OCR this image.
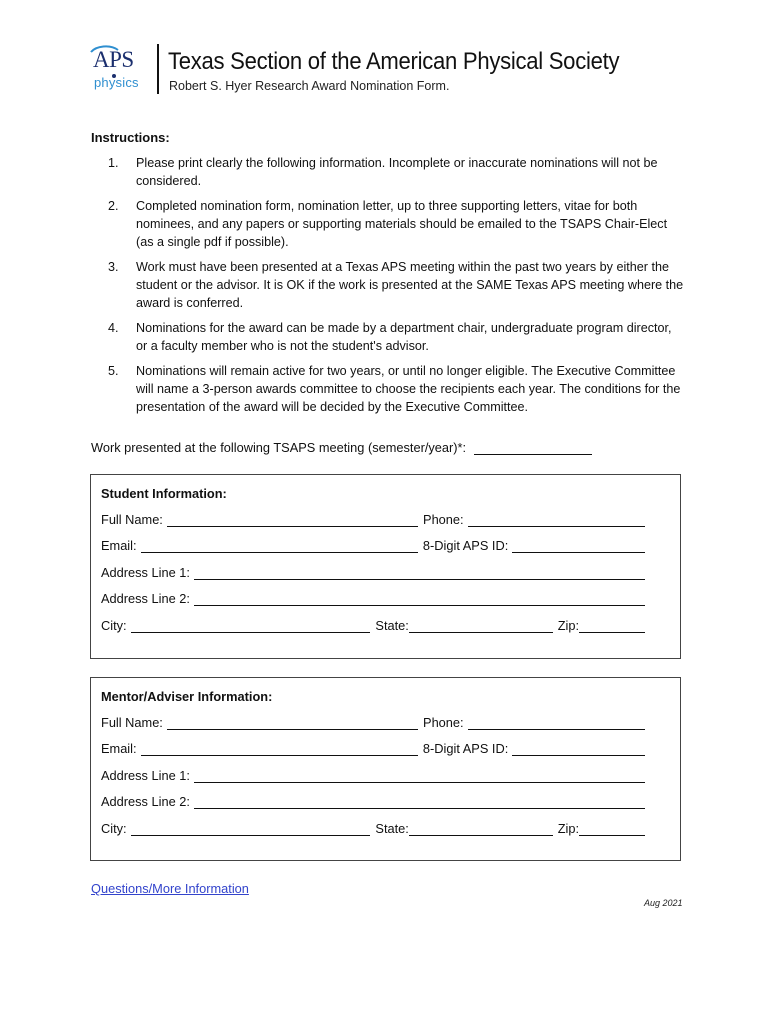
APS
physics
Texas Section of the American Physical Society
Robert S. Hyer Research Award Nomination Form.
Instructions:
1.	Please print clearly the following information. Incomplete or inaccurate nominations will not be considered.
2.	Completed nomination form, nomination letter, up to three supporting letters, vitae for both nominees, and any papers or supporting materials should be emailed to the TSAPS Chair-Elect (as a single pdf if possible).
3.	Work must have been presented at a Texas APS meeting within the past two years by either the student or the advisor. It is OK if the work is presented at the SAME Texas APS meeting where the award is conferred.
4.	Nominations for the award can be made by a department chair, undergraduate program director, or a faculty member who is not the student's advisor.
5.	Nominations will remain active for two years, or until no longer eligible. The Executive Committee will name a 3-person awards committee to choose the recipients each year. The conditions for the presentation of the award will be decided by the Executive Committee.
Work presented at the following TSAPS meeting (semester/year)*:
Student Information:
Full Name:	Phone:
Email:	8-Digit APS ID:
Address Line 1:
Address Line 2:
City:	State:	Zip:
Mentor/Adviser Information:
Full Name:	Phone:
Email:	8-Digit APS ID:
Address Line 1:
Address Line 2:
City:	State:	Zip:
Questions/More Information
Aug 2021
